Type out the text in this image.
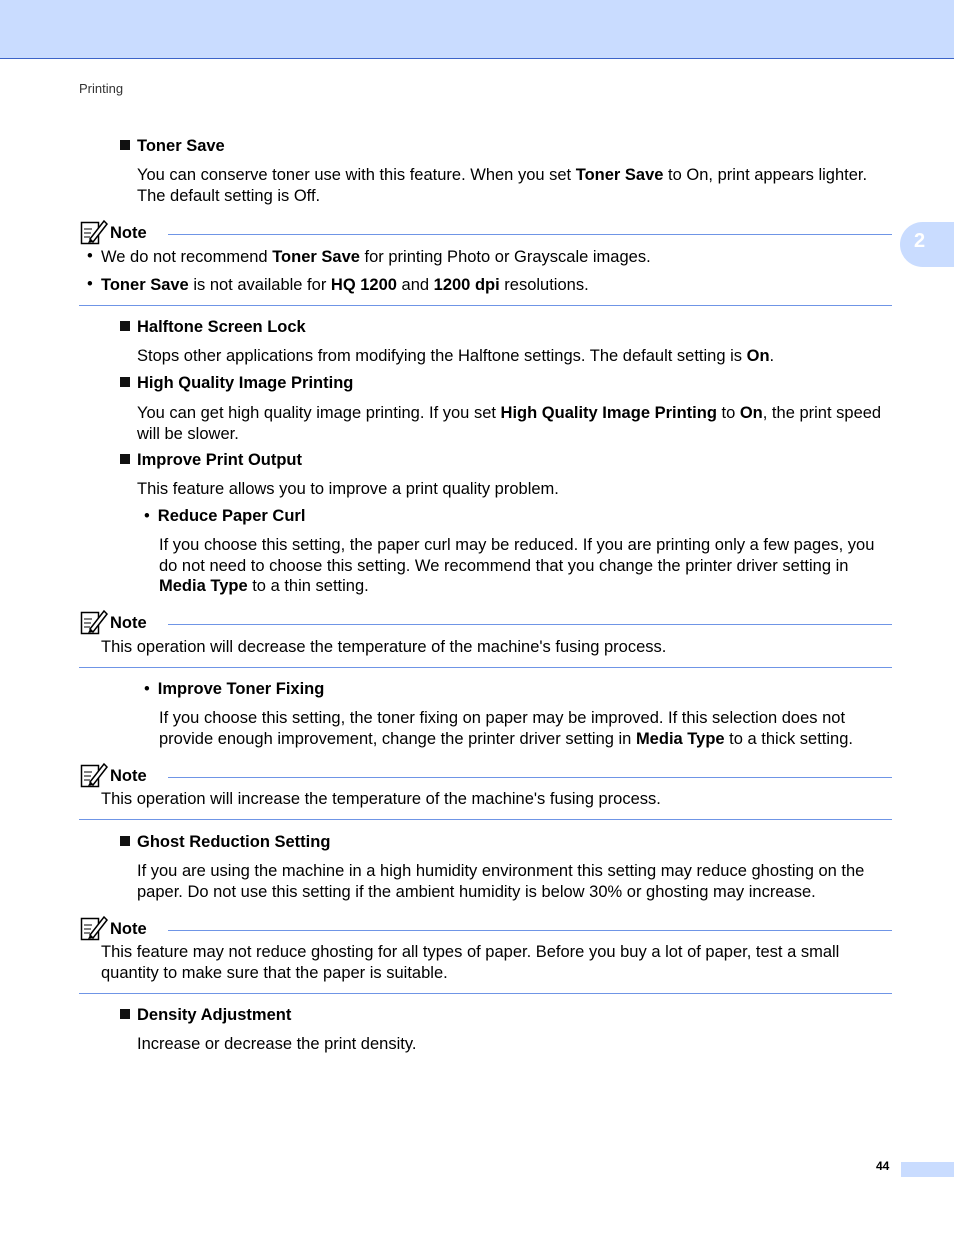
Printing
2
Toner Save
You can conserve toner use with this feature. When you set Toner Save to On, print appears lighter.
The default setting is Off.
Note
• We do not recommend Toner Save for printing Photo or Grayscale images.
• Toner Save is not available for HQ 1200 and 1200 dpi resolutions.
Halftone Screen Lock
Stops other applications from modifying the Halftone settings. The default setting is On.
High Quality Image Printing
You can get high quality image printing. If you set High Quality Image Printing to On, the print speed will be slower.
Improve Print Output
This feature allows you to improve a print quality problem.
• Reduce Paper Curl
If you choose this setting, the paper curl may be reduced. If you are printing only a few pages, you do not need to choose this setting. We recommend that you change the printer driver setting in Media Type to a thin setting.
Note
This operation will decrease the temperature of the machine's fusing process.
• Improve Toner Fixing
If you choose this setting, the toner fixing on paper may be improved. If this selection does not provide enough improvement, change the printer driver setting in Media Type to a thick setting.
Note
This operation will increase the temperature of the machine's fusing process.
Ghost Reduction Setting
If you are using the machine in a high humidity environment this setting may reduce ghosting on the paper. Do not use this setting if the ambient humidity is below 30% or ghosting may increase.
Note
This feature may not reduce ghosting for all types of paper. Before you buy a lot of paper, test a small quantity to make sure that the paper is suitable.
Density Adjustment
Increase or decrease the print density.
44
